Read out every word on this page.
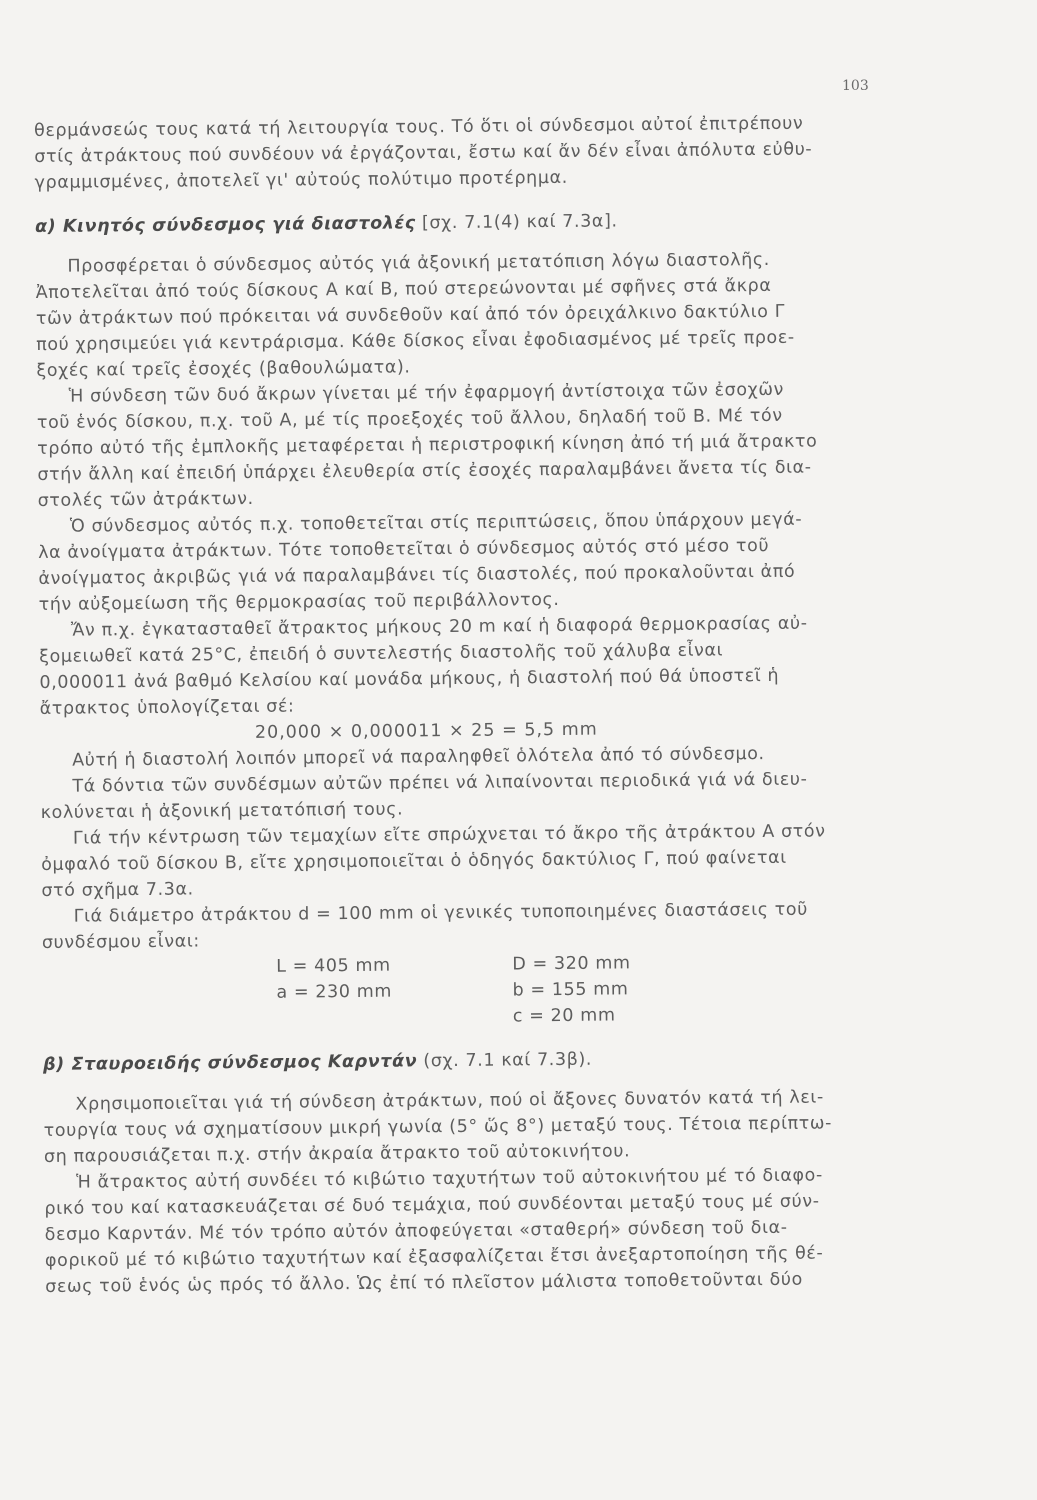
103
θερμάνσεώς τους κατά τή λειτουργία τους. Τό ὅτι οἱ σύνδεσμοι αὐτοί ἐπιτρέπουν
στίς ἀτράκτους πού συνδέουν νά ἐργάζονται, ἔστω καί ἄν δέν εἶναι ἀπόλυτα εὐθυ-
γραμμισμένες, ἀποτελεῖ γι' αὐτούς πολύτιμο προτέρημα.
α) Κινητός σύνδεσμος γιά διαστολές [σχ. 7.1(4) καί 7.3α].
Προσφέρεται ὁ σύνδεσμος αὐτός γιά ἀξονική μετατόπιση λόγω διαστολῆς.
Ἀποτελεῖται ἀπό τούς δίσκους Α καί Β, πού στερεώνονται μέ σφῆνες στά ἄκρα
τῶν ἀτράκτων πού πρόκειται νά συνδεθοῦν καί ἀπό τόν ὀρειχάλκινο δακτύλιο Γ
πού χρησιμεύει γιά κεντράρισμα. Κάθε δίσκος εἶναι ἐφοδιασμένος μέ τρεῖς προε-
ξοχές καί τρεῖς ἐσοχές (βαθουλώματα).
Ἡ σύνδεση τῶν δυό ἄκρων γίνεται μέ τήν ἐφαρμογή ἀντίστοιχα τῶν ἐσοχῶν
τοῦ ἑνός δίσκου, π.χ. τοῦ Α, μέ τίς προεξοχές τοῦ ἄλλου, δηλαδή τοῦ Β. Μέ τόν
τρόπο αὐτό τῆς ἐμπλοκῆς μεταφέρεται ἡ περιστροφική κίνηση ἀπό τή μιά ἄτρακτο
στήν ἄλλη καί ἐπειδή ὑπάρχει ἐλευθερία στίς ἐσοχές παραλαμβάνει ἄνετα τίς δια-
στολές τῶν ἀτράκτων.
Ὁ σύνδεσμος αὐτός π.χ. τοποθετεῖται στίς περιπτώσεις, ὅπου ὑπάρχουν μεγά-
λα ἀνοίγματα ἀτράκτων. Τότε τοποθετεῖται ὁ σύνδεσμος αὐτός στό μέσο τοῦ
ἀνοίγματος ἀκριβῶς γιά νά παραλαμβάνει τίς διαστολές, πού προκαλοῦνται ἀπό
τήν αὐξομείωση τῆς θερμοκρασίας τοῦ περιβάλλοντος.
Ἄν π.χ. ἐγκατασταθεῖ ἄτρακτος μήκους 20 m καί ἡ διαφορά θερμοκρασίας αὐ-
ξομειωθεῖ κατά 25°C, ἐπειδή ὁ συντελεστής διαστολῆς τοῦ χάλυβα εἶναι
0,000011 ἀνά βαθμό Κελσίου καί μονάδα μήκους, ἡ διαστολή πού θά ὑποστεῖ ἡ
ἄτρακτος ὑπολογίζεται σέ:
20,000 × 0,000011 × 25 = 5,5 mm
Αὐτή ἡ διαστολή λοιπόν μπορεῖ νά παραληφθεῖ ὁλότελα ἀπό τό σύνδεσμο.
Τά δόντια τῶν συνδέσμων αὐτῶν πρέπει νά λιπαίνονται περιοδικά γιά νά διευ-
κολύνεται ἡ ἀξονική μετατόπισή τους.
Γιά τήν κέντρωση τῶν τεμαχίων εἴτε σπρώχνεται τό ἄκρο τῆς ἀτράκτου Α στόν
ὀμφαλό τοῦ δίσκου Β, εἴτε χρησιμοποιεῖται ὁ ὁδηγός δακτύλιος Γ, πού φαίνεται
στό σχῆμα 7.3α.
Γιά διάμετρο ἀτράκτου d = 100 mm οἱ γενικές τυποποιημένες διαστάσεις τοῦ
συνδέσμου εἶναι:
L = 405 mm	D = 320 mm
a = 230 mm	b = 155 mm
c = 20 mm
β) Σταυροειδής σύνδεσμος Καρντάν (σχ. 7.1 καί 7.3β).
Χρησιμοποιεῖται γιά τή σύνδεση ἀτράκτων, πού οἱ ἄξονες δυνατόν κατά τή λει-
τουργία τους νά σχηματίσουν μικρή γωνία (5° ὥς 8°) μεταξύ τους. Τέτοια περίπτω-
ση παρουσιάζεται π.χ. στήν ἀκραία ἄτρακτο τοῦ αὐτοκινήτου.
Ἡ ἄτρακτος αὐτή συνδέει τό κιβώτιο ταχυτήτων τοῦ αὐτοκινήτου μέ τό διαφο-
ρικό του καί κατασκευάζεται σέ δυό τεμάχια, πού συνδέονται μεταξύ τους μέ σύν-
δεσμο Καρντάν. Μέ τόν τρόπο αὐτόν ἀποφεύγεται «σταθερή» σύνδεση τοῦ δια-
φορικοῦ μέ τό κιβώτιο ταχυτήτων καί ἐξασφαλίζεται ἔτσι ἀνεξαρτοποίηση τῆς θέ-
σεως τοῦ ἑνός ὡς πρός τό ἄλλο. Ὡς ἐπί τό πλεῖστον μάλιστα τοποθετοῦνται δύο
